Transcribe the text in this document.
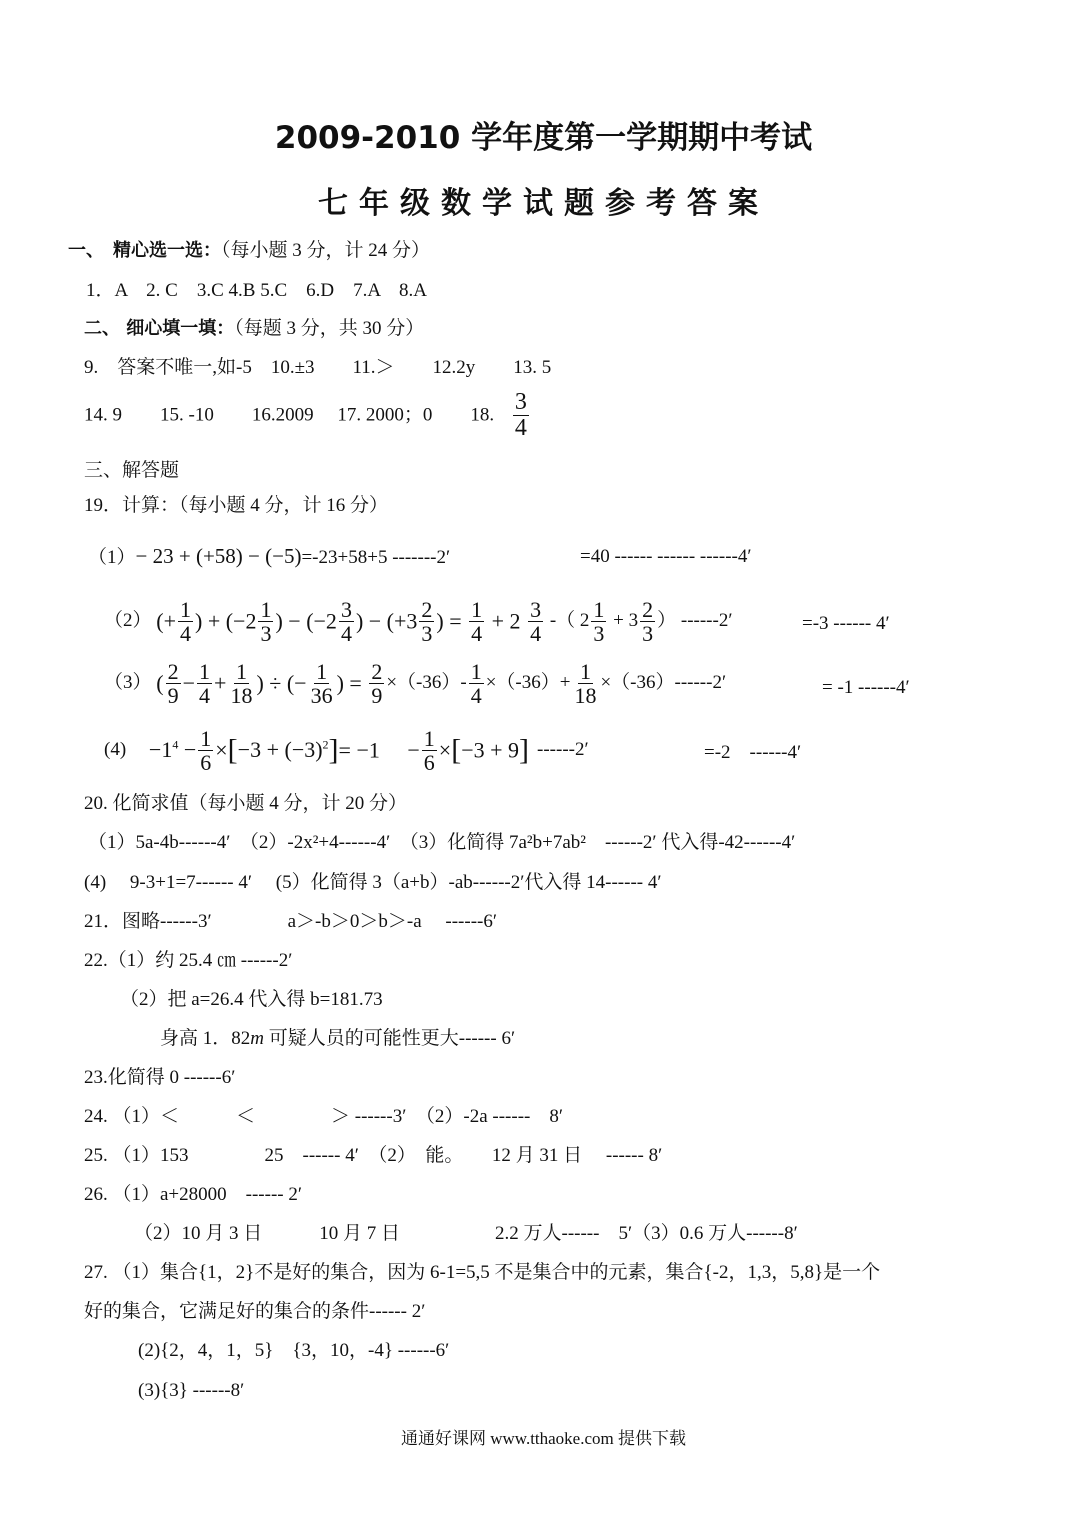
2009-2010 学年度第一学期期中考试
七年级数学试题参考答案
一、　精心选一选：（每小题 3 分，计 24 分）
1．A　2. C　3.C 4.B 5.C　6.D　7.A　8.A
二、 细心填一填：（每题 3 分，共 30 分）
9.　答案不唯一,如-5　10.±3　　11.＞　　12.2y　　13. 5
14. 9　　15. -10　　16.2009　 17. 2000；0　　18. $\frac{3}{4}$
三、解答题
19．计算：（每小题 4 分，计 16 分）
（1）− 23 + (+58) − (−5)=-23+58+5 -------2′	=40 ------ ------ ------4′
（2） (+ $\frac{1}{4}$ ) + ($-2 \frac{1}{3}$ ) − ($-2 \frac{3}{4}$ ) − ($+3 \frac{2}{3}$ ) = $\frac{1}{4} + 2 \frac{3}{4}$ -（ $2 \frac{1}{3} + 3 \frac{2}{3}$ ） ------2′	=-3 ------ 4′
（3） ( $\frac{2}{9} - \frac{1}{4} + \frac{1}{18}$ ) ÷ (− $\frac{1}{36}$ ) = $\frac{2}{9} \times(-36)- \frac{1}{4} \times(-36)+ \frac{1}{18} \times(-36)------2'$	= -1 ------4′
$(4) -1^4 - \frac{1}{6} \times[-3 + (-3)^2]= -1$ 　− $\frac{1}{6} \times[-3 + 9]$ ------2′	=-2　------4′
20. 化简求值（每小题 4 分，计 20 分）
（1）5a-4b------4′　（2）-2x²+4------4′　（3）化简得 7a²b+7ab²　------2′ 代入得-42------4′
(4)　 9-3+1=7------ 4′　 (5）化简得 3（a+b）-ab------2′代入得 14------ 4′
21．图略------3′　　　　a＞-b＞0＞b＞-a　 ------6′
22.（1）约 25.4 ㎝ ------2′
（2）把 a=26.4 代入得 b=181.73
身高 1．82m 可疑人员的可能性更大------ 6′
23.化简得 0 ------6′
24. （1）＜　　　＜　　　　＞ ------3′　（2）-2a ------　8′
25. （1）153　　　　25　------ 4′　（2）　能。　　12 月 31 日　 ------ 8′
26. （1）a+28000　------ 2′
（2）10 月 3 日　　　10 月 7 日　　　　　2.2 万人------　5′（3）0.6 万人------8′
27. （1）集合{1，2}不是好的集合，因为 6-1=5,5 不是集合中的元素，集合{-2，1,3，5,8}是一个
好的集合，它满足好的集合的条件------ 2′
(2){2，4，1，5}　{3，10，-4} ------6′
(3){3} ------8′
通通好课网 www.tthaoke.com 提供下载
